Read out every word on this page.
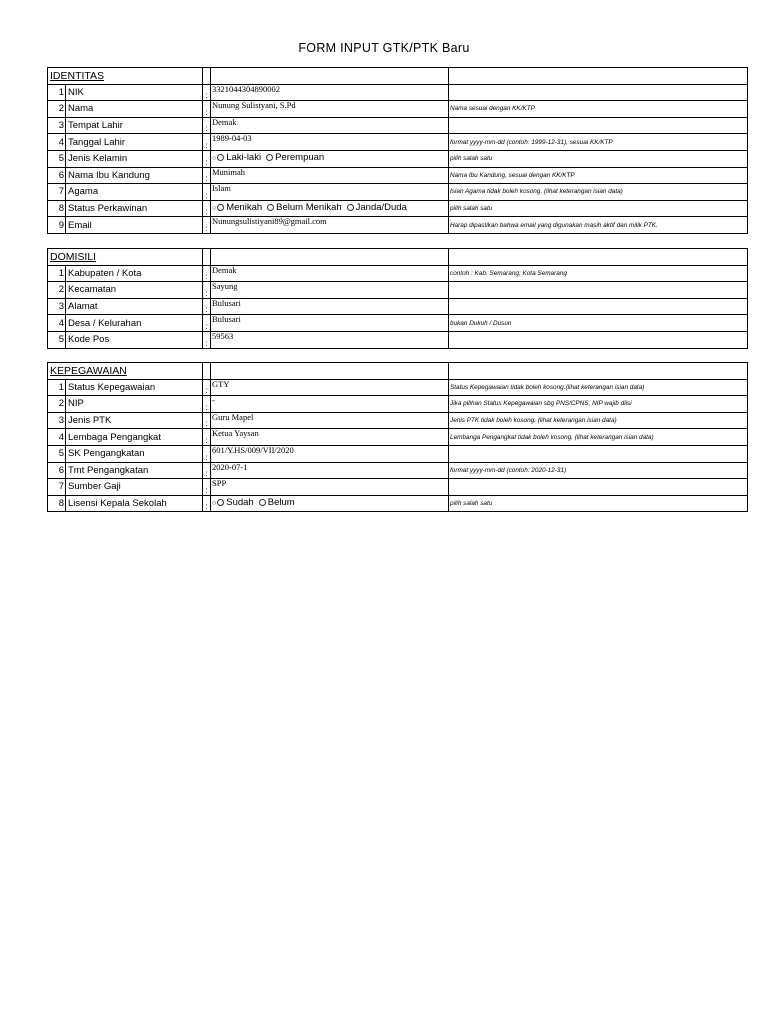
FORM INPUT GTK/PTK Baru
IDENTITAS				
1	NIK	:	3321044304890002	
2	Nama	:	Nunung Sulistyani, S.Pd	Nama sesuai dengan KK/KTP
3	Tempat Lahir	:	Demak	
4	Tanggal Lahir	:	1989-04-03	format yyyy-mm-dd (contoh: 1999-12-31), sesuai KK/KTP
5	Jenis Kelamin	:	○ Laki-laki Perempuan	pilih salah satu
6	Nama Ibu Kandung	:	Munimah	Nama Ibu Kandung, sesuai dengan KK/KTP
7	Agama	:	Islam	Isian Agama tidak boleh kosong. (lihat keterangan isian data)
8	Status Perkawinan	:	○ Menikah Belum Menikah Janda/Duda	pilih salah satu
9	Email	:	Nunungsulistiyani89@gmail.com	Harap dipastikan bahwa email yang digunakan masih aktif dan milik PTK.
DOMISILI				
1	Kabupaten / Kota	:	Demak	contoh : Kab. Semarang; Kota Semarang
2	Kecamatan	:	Sayung	
3	Alamat	:	Bulusari	
4	Desa / Kelurahan	:	Bulusari	bukan Dukuh / Dusun
5	Kode Pos	:	59563	
KEPEGAWAIAN				
1	Status Kepegawaian	:	GTY	Status Kepegawaian tidak boleh kosong.(lihat keterangan isian data)
2	NIP	:	-	Jika pilihan Status Kepegawaian sbg PNS/CPNS, NIP wajib diisi
3	Jenis PTK	:	Guru Mapel	Jenis PTK tidak boleh kosong. (lihat keterangan isian data)
4	Lembaga Pengangkat	:	Ketua Yaysan	Lembanga Pengangkat tidak boleh kosong. (lihat keterangan isian data)
5	SK Pengangkatan	:	601/Y.HS/009/VII/2020	
6	Tmt Pengangkatan	:	2020-07-1	format yyyy-mm-dd (contoh: 2020-12-31)
7	Sumber Gaji	:	SPP	
8	Lisensi Kepala Sekolah	:	○ Sudah Belum	pilih salah satu
